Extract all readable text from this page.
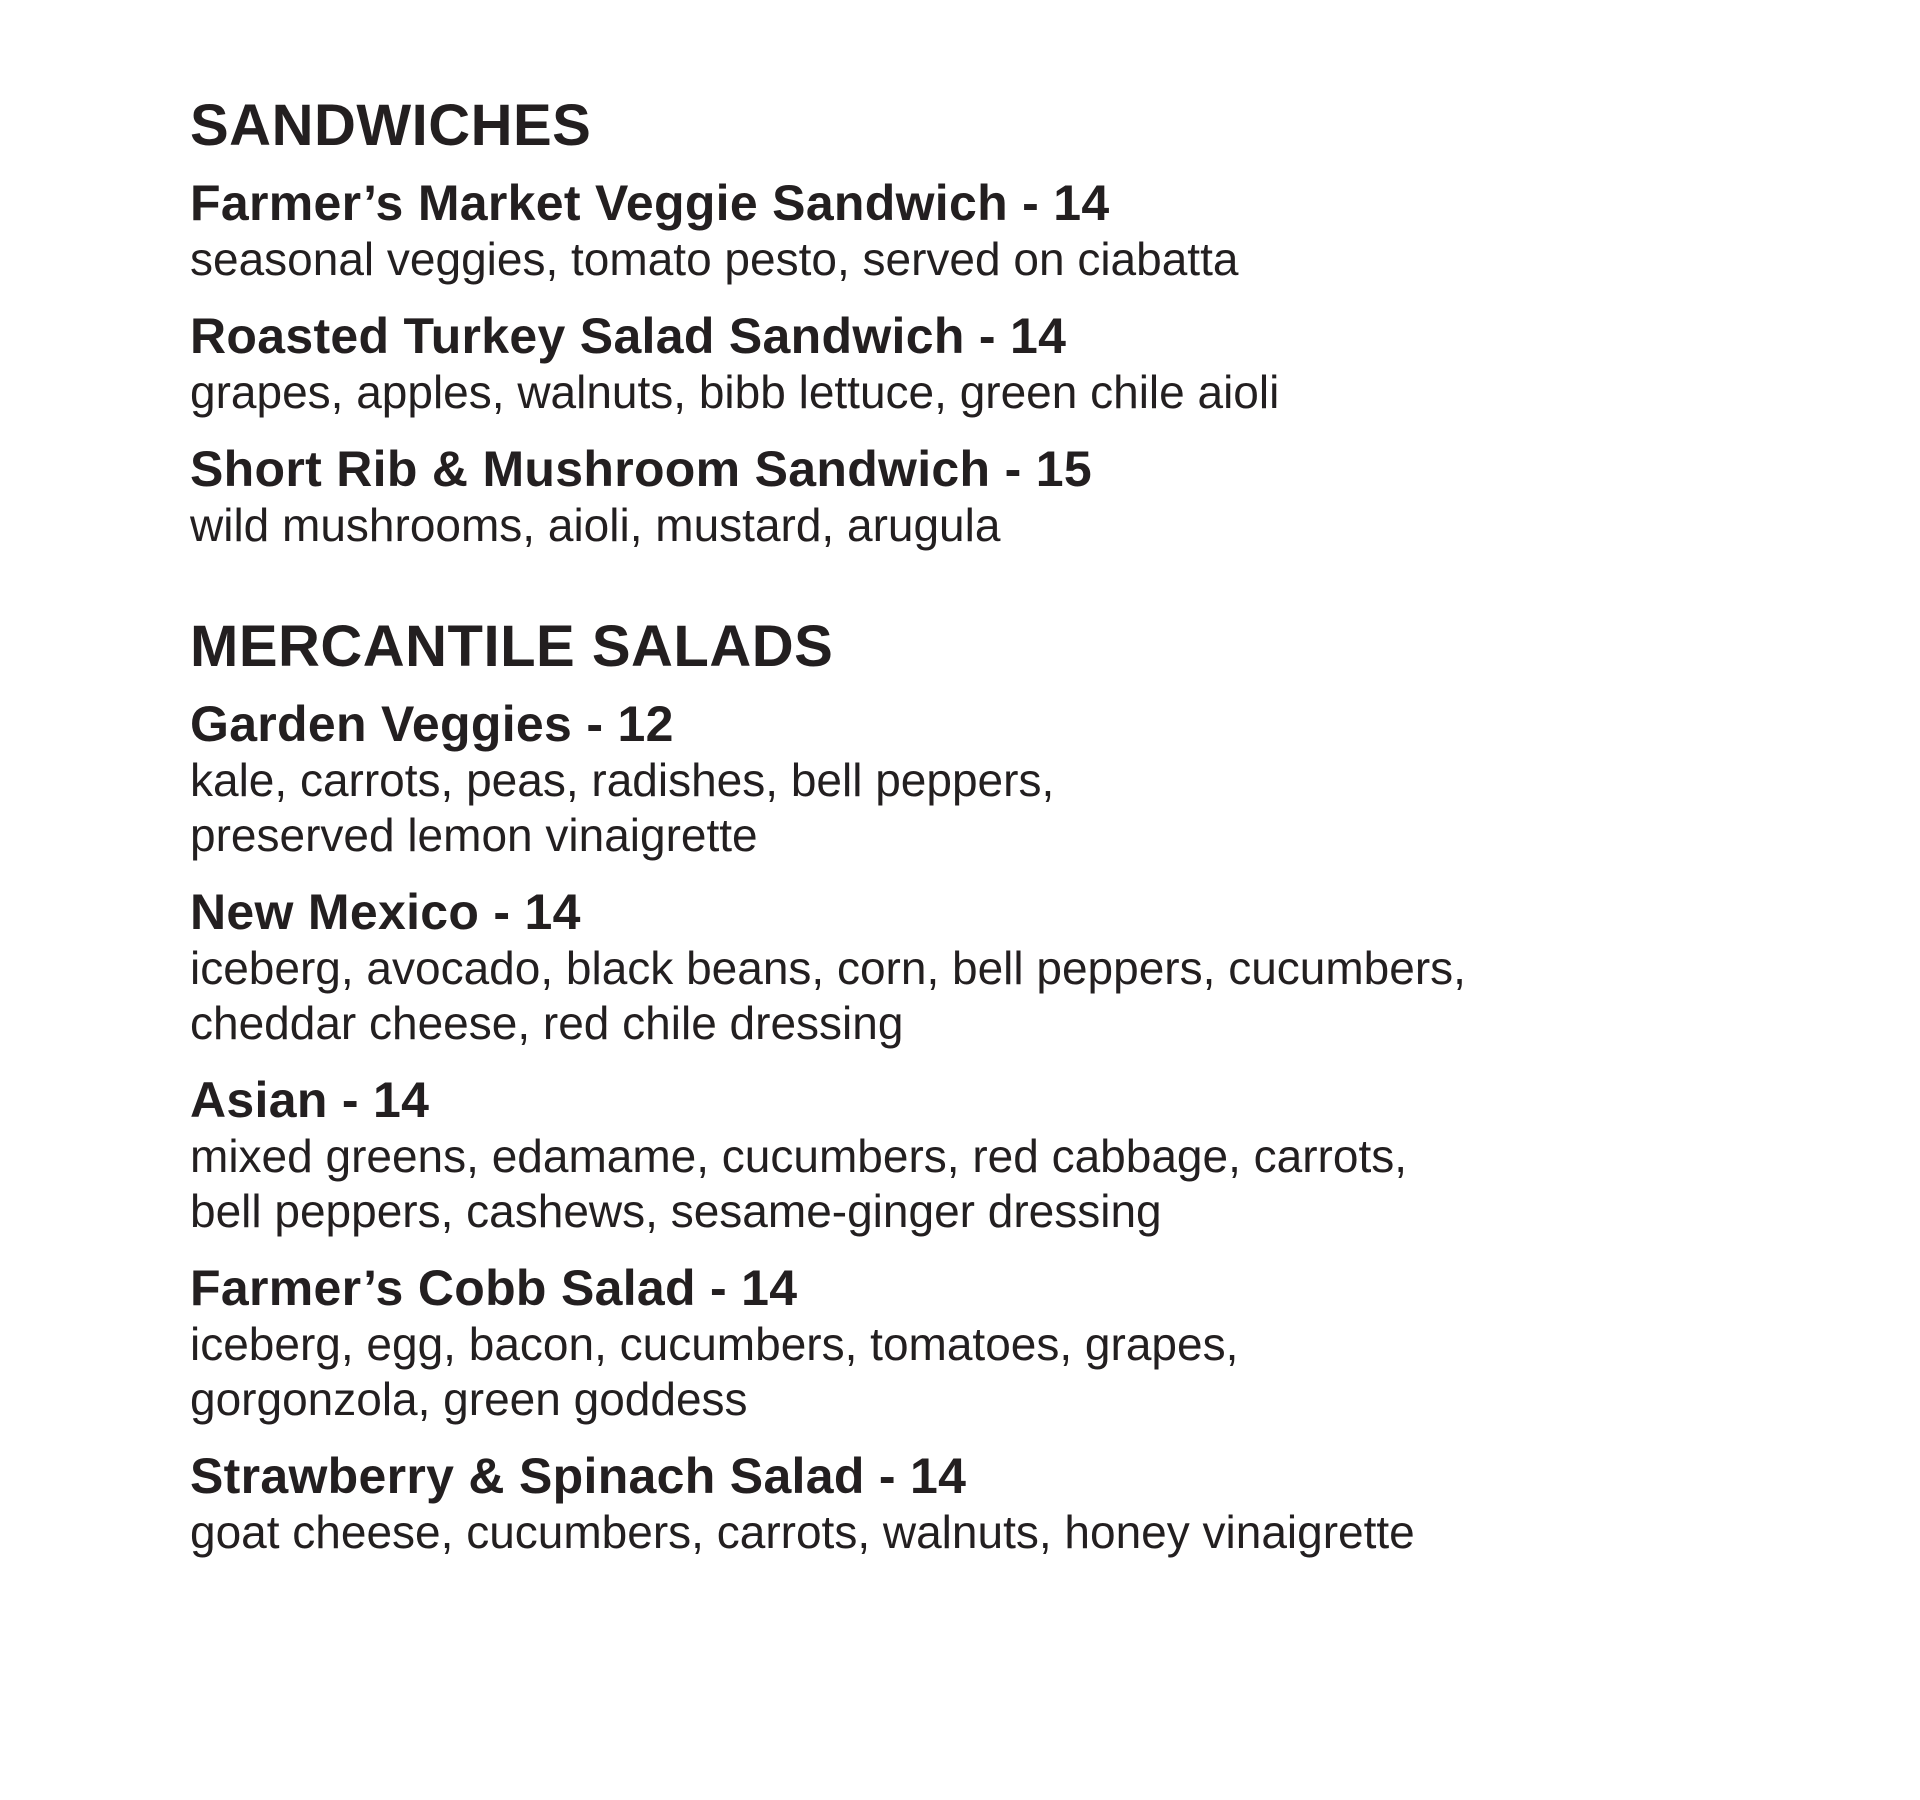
SANDWICHES
Farmer’s Market Veggie Sandwich - 14
seasonal veggies, tomato pesto, served on ciabatta
Roasted Turkey Salad Sandwich - 14
grapes, apples, walnuts, bibb lettuce, green chile aioli
Short Rib & Mushroom Sandwich - 15
wild mushrooms, aioli, mustard, arugula
MERCANTILE SALADS
Garden Veggies - 12
kale, carrots, peas, radishes, bell peppers,
preserved lemon vinaigrette
New Mexico - 14
iceberg, avocado, black beans, corn, bell peppers, cucumbers,
cheddar cheese, red chile dressing
Asian - 14
mixed greens, edamame, cucumbers, red cabbage, carrots,
bell peppers, cashews, sesame-ginger dressing
Farmer’s Cobb Salad - 14
iceberg, egg, bacon, cucumbers, tomatoes, grapes,
gorgonzola, green goddess
Strawberry & Spinach Salad - 14
goat cheese, cucumbers, carrots, walnuts, honey vinaigrette
